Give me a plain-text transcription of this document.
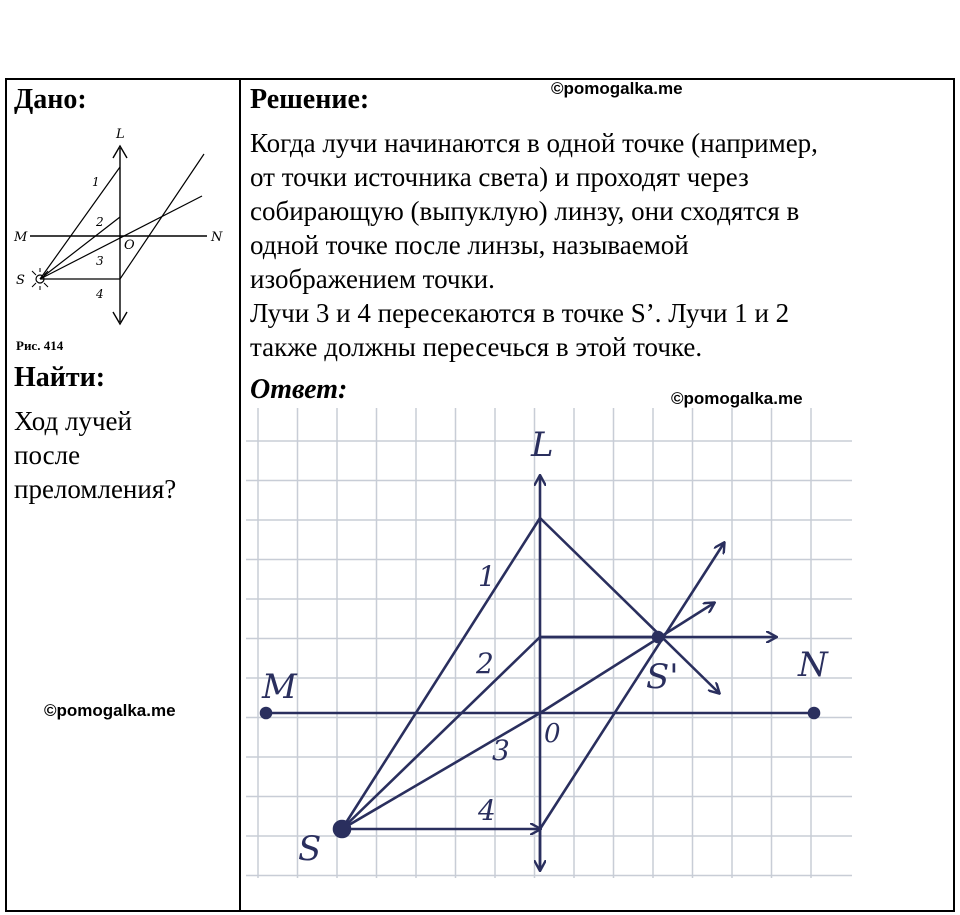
Дано:
L
M	N
S
O
1
2
3
4
Рис. 414
Найти:
Ход лучей
после
преломления?
©pomogalka.me
Решение:	©pomogalka.me
Когда лучи начинаются в одной точке (например,
от точки источника света) и проходят через
собирающую (выпуклую) линзу, они сходятся в
одной точке после линзы, называемой
изображением точки.
Лучи 3 и 4 пересекаются в точке S’. Лучи 1 и 2
также должны пересечься в этой точке.
Ответ:	©pomogalka.me
L
M
N
S
S'
0
1
2
3
4
